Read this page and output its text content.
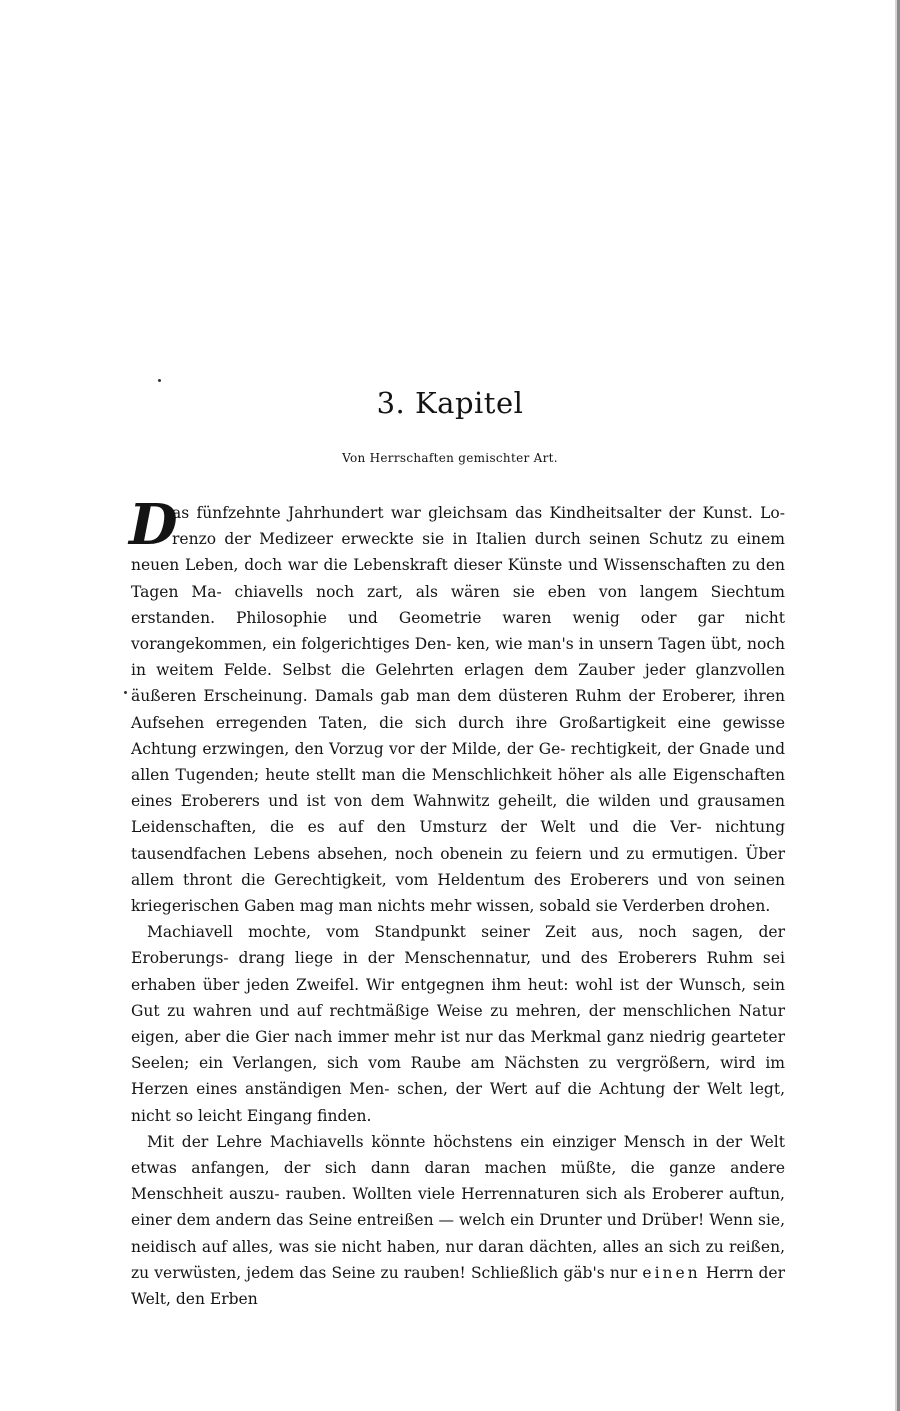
3. Kapitel
Von Herrschaften gemischter Art.

D
as fünfzehnte Jahrhundert war gleichsam das Kindheitsalter der Kunst. Lo- renzo der Medizeer erweckte sie in Italien durch seinen Schutz zu einem neuen Leben, doch war die Lebenskraft dieser Künste und Wissenschaften zu den Tagen Ma- chiavells noch zart, als wären sie eben von langem Siechtum erstanden. Philosophie und Geometrie waren wenig oder gar nicht vorangekommen, ein folgerichtiges Den- ken, wie man's in unsern Tagen übt, noch in weitem Felde. Selbst die Gelehrten erlagen dem Zauber jeder glanzvollen äußeren Erscheinung. Damals gab man dem düsteren Ruhm der Eroberer, ihren Aufsehen erregenden Taten, die sich durch ihre Großartigkeit eine gewisse Achtung erzwingen, den Vorzug vor der Milde, der Ge- rechtigkeit, der Gnade und allen Tugenden; heute stellt man die Menschlichkeit höher als alle Eigenschaften eines Eroberers und ist von dem Wahnwitz geheilt, die wilden und grausamen Leidenschaften, die es auf den Umsturz der Welt und die Ver- nichtung tausendfachen Lebens absehen, noch obenein zu feiern und zu ermutigen. Über allem thront die Gerechtigkeit, vom Heldentum des Eroberers und von seinen kriegerischen Gaben mag man nichts mehr wissen, sobald sie Verderben drohen.

Machiavell mochte, vom Standpunkt seiner Zeit aus, noch sagen, der Eroberungs- drang liege in der Menschennatur, und des Eroberers Ruhm sei erhaben über jeden Zweifel. Wir entgegnen ihm heut: wohl ist der Wunsch, sein Gut zu wahren und auf rechtmäßige Weise zu mehren, der menschlichen Natur eigen, aber die Gier nach immer mehr ist nur das Merkmal ganz niedrig gearteter Seelen; ein Verlangen, sich vom Raube am Nächsten zu vergrößern, wird im Herzen eines anständigen Men- schen, der Wert auf die Achtung der Welt legt, nicht so leicht Eingang finden.

Mit der Lehre Machiavells könnte höchstens ein einziger Mensch in der Welt etwas anfangen, der sich dann daran machen müßte, die ganze andere Menschheit auszu- rauben. Wollten viele Herrennaturen sich als Eroberer auftun, einer dem andern das Seine entreißen — welch ein Drunter und Drüber! Wenn sie, neidisch auf alles, was sie nicht haben, nur daran dächten, alles an sich zu reißen, zu verwüsten, jedem das Seine zu rauben! Schließlich gäb's nur einen Herrn der Welt, den Erben
